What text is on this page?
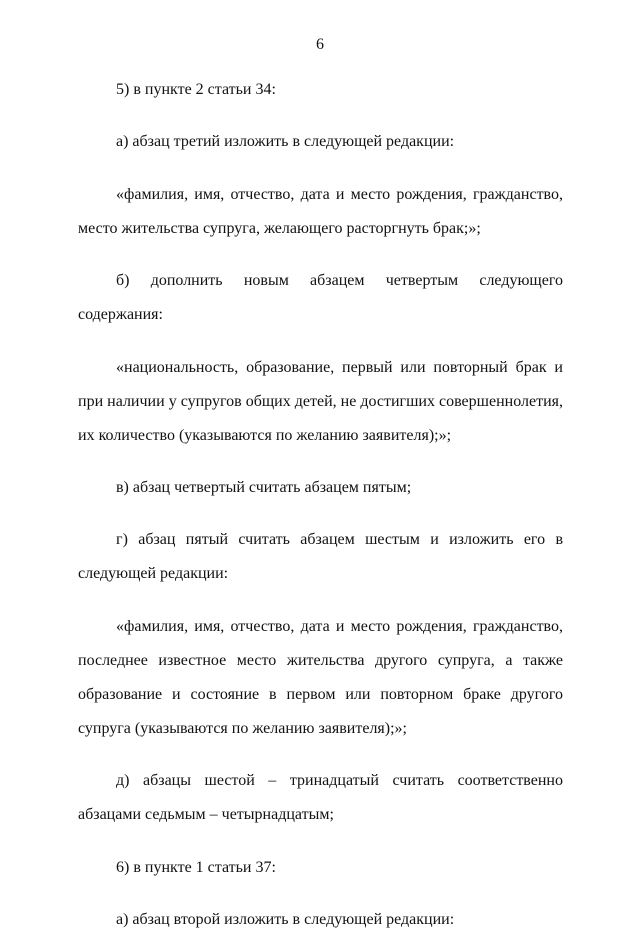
6

5) в пункте 2 статьи 34:

а) абзац третий изложить в следующей редакции:

«фамилия, имя, отчество, дата и место рождения, гражданство, место жительства супруга, желающего расторгнуть брак;»;

б) дополнить новым абзацем четвертым следующего содержания:

«национальность, образование, первый или повторный брак и при наличии у супругов общих детей, не достигших совершеннолетия, их количество (указываются по желанию заявителя);»;

в) абзац четвертый считать абзацем пятым;

г) абзац пятый считать абзацем шестым и изложить его в следующей редакции:

«фамилия, имя, отчество, дата и место рождения, гражданство, последнее известное место жительства другого супруга, а также образование и состояние в первом или повторном браке другого супруга (указываются по желанию заявителя);»;

д) абзацы шестой – тринадцатый считать соответственно абзацами седьмым – четырнадцатым;

6) в пункте 1 статьи 37:

а) абзац второй изложить в следующей редакции:
